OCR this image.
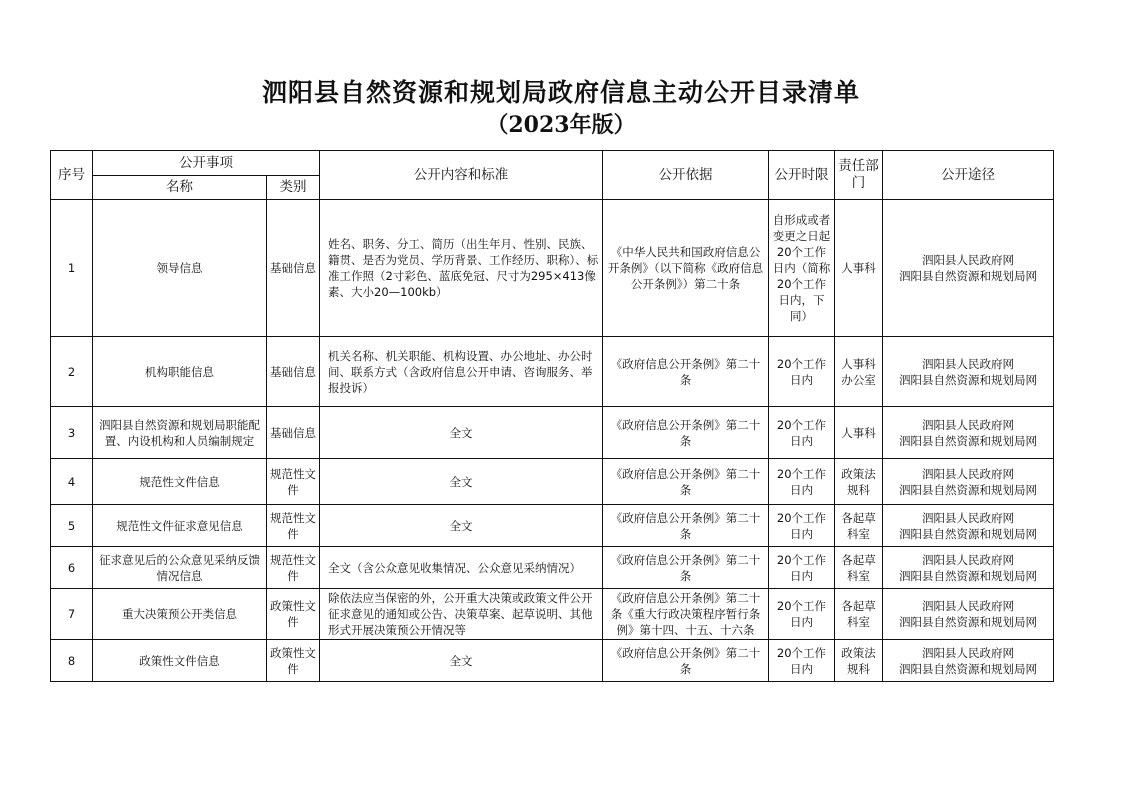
泗阳县自然资源和规划局政府信息主动公开目录清单
（2023年版）
序号	公开事项		公开内容和标准	公开依据	公开时限	责任部门	公开途径
	名称	类别					
1	领导信息	基础信息	姓名、职务、分工、简历（出生年月、性别、民族、籍贯、是否为党员、学历背景、工作经历、职称）、标准工作照（2寸彩色、蓝底免冠、尺寸为295×413像素、大小20—100kb）	《中华人民共和国政府信息公开条例》（以下简称《政府信息公开条例》）第二十条	自形成或者变更之日起20个工作日内（简称20个工作日内，下同）	人事科	泗阳县人民政府网
泗阳县自然资源和规划局网

2	机构职能信息	基础信息	机关名称、机关职能、机构设置、办公地址、办公时间、联系方式（含政府信息公开申请、咨询服务、举报投诉）	《政府信息公开条例》第二十条	20个工作日内	人事科办公室	泗阳县人民政府网
泗阳县自然资源和规划局网

3	泗阳县自然资源和规划局职能配置、内设机构和人员编制规定	基础信息	全文	《政府信息公开条例》第二十条	20个工作日内	人事科	泗阳县人民政府网
泗阳县自然资源和规划局网

4	规范性文件信息	规范性文件	全文	《政府信息公开条例》第二十条	20个工作日内	政策法规科	泗阳县人民政府网
泗阳县自然资源和规划局网

5	规范性文件征求意见信息	规范性文件	全文	《政府信息公开条例》第二十条	20个工作日内	各起草科室	泗阳县人民政府网
泗阳县自然资源和规划局网

6	征求意见后的公众意见采纳反馈情况信息	规范性文件	全文（含公众意见收集情况、公众意见采纳情况）	《政府信息公开条例》第二十条	20个工作日内	各起草科室	泗阳县人民政府网
泗阳县自然资源和规划局网

7	重大决策预公开类信息	政策性文件	除依法应当保密的外，公开重大决策或政策文件公开征求意见的通知或公告、决策草案、起草说明、其他形式开展决策预公开情况等	《政府信息公开条例》第二十条《重大行政决策程序暂行条例》第十四、十五、十六条	20个工作日内	各起草科室	泗阳县人民政府网
泗阳县自然资源和规划局网

8	政策性文件信息	政策性文件	全文	《政府信息公开条例》第二十条	20个工作日内	政策法规科	泗阳县人民政府网
泗阳县自然资源和规划局网
